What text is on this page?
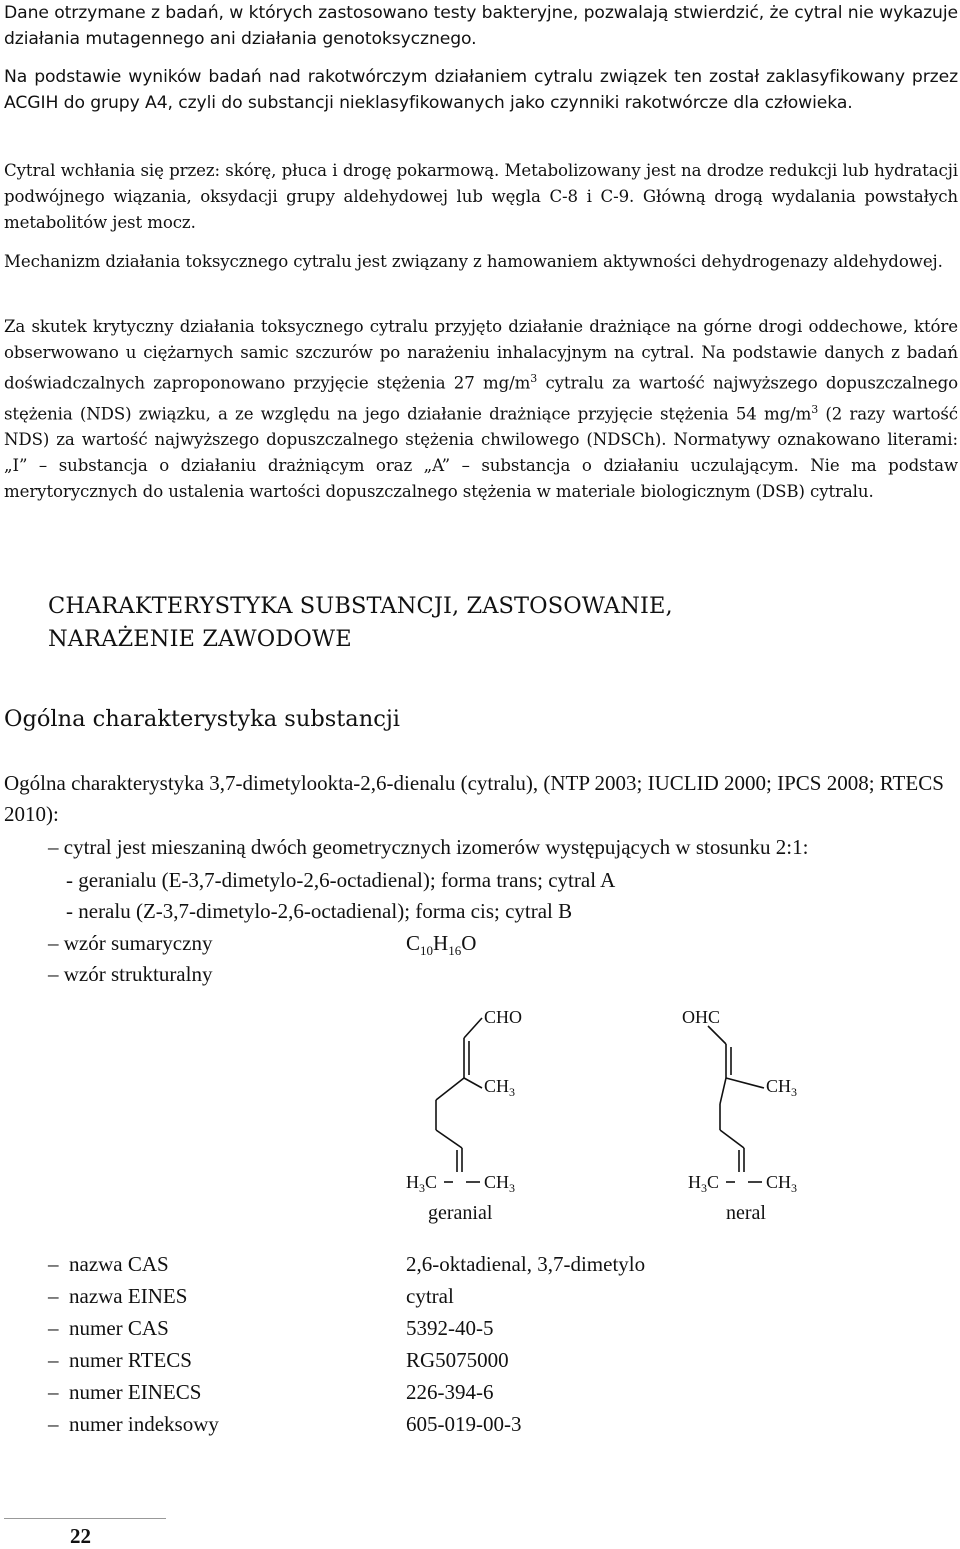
Dane otrzymane z badań, w których zastosowano testy bakteryjne, pozwalają stwierdzić, że cytral nie wykazuje działania mutagennego ani działania genotoksycznego.

Na podstawie wyników badań nad rakotwórczym działaniem cytralu związek ten został zaklasyfikowany przez ACGIH do grupy A4, czyli do substancji nieklasyfikowanych jako czynniki rakotwórcze dla człowieka.

Cytral wchłania się przez: skórę, płuca i drogę pokarmową. Metabolizowany jest na drodze redukcji lub hydratacji podwójnego wiązania, oksydacji grupy aldehydowej lub węgla C-8 i C-9. Główną drogą wydalania powstałych metabolitów jest mocz.

Mechanizm działania toksycznego cytralu jest związany z hamowaniem aktywności dehydrogenazy aldehydowej.

Za skutek krytyczny działania toksycznego cytralu przyjęto działanie drażniące na górne drogi oddechowe, które obserwowano u ciężarnych samic szczurów po narażeniu inhalacyjnym na cytral. Na podstawie danych z badań doświadczalnych zaproponowano przyjęcie stężenia 27 $mg/m^3$ cytralu za wartość najwyższego dopuszczalnego stężenia (NDS) związku, a ze względu na jego działanie drażniące przyjęcie stężenia 54 $mg/m^3$ (2 razy wartość NDS) za wartość najwyższego dopuszczalnego stężenia chwilowego (NDSCh). Normatywy oznakowano literami: „I” – substancja o działaniu drażniącym oraz „A” – substancja o działaniu uczulającym. Nie ma podstaw merytorycznych do ustalenia wartości dopuszczalnego stężenia w materiale biologicznym (DSB) cytralu.

CHARAKTERYSTYKA SUBSTANCJI, ZASTOSOWANIE,
NARAŻENIE ZAWODOWE
Ogólna charakterystyka substancji
Ogólna charakterystyka 3,7-dimetylookta-2,6-dienalu (cytralu), (NTP 2003; IUCLID 2000; IPCS 2008; RTECS 2010):
– cytral jest mieszaniną dwóch geometrycznych izomerów występujących w stosunku 2:1:
- geranialu (E-3,7-dimetylo-2,6-octadienal); forma trans; cytral A
- neralu (Z-3,7-dimetylo-2,6-octadienal); forma cis; cytral B
– wzór sumaryczny	$C_{10}H_{16}O$
– wzór strukturalny
CHO
$CH_3$
$H_3C$	$CH_3$
geranial
OHC
$CH_3$
$H_3C$	$CH_3$
neral
– nazwa CAS	2,6-oktadienal, 3,7-dimetylo
– nazwa EINES	cytral
– numer CAS	5392-40-5
– numer RTECS	RG5075000
– numer EINECS	226-394-6
– numer indeksowy	605-019-00-3
22
